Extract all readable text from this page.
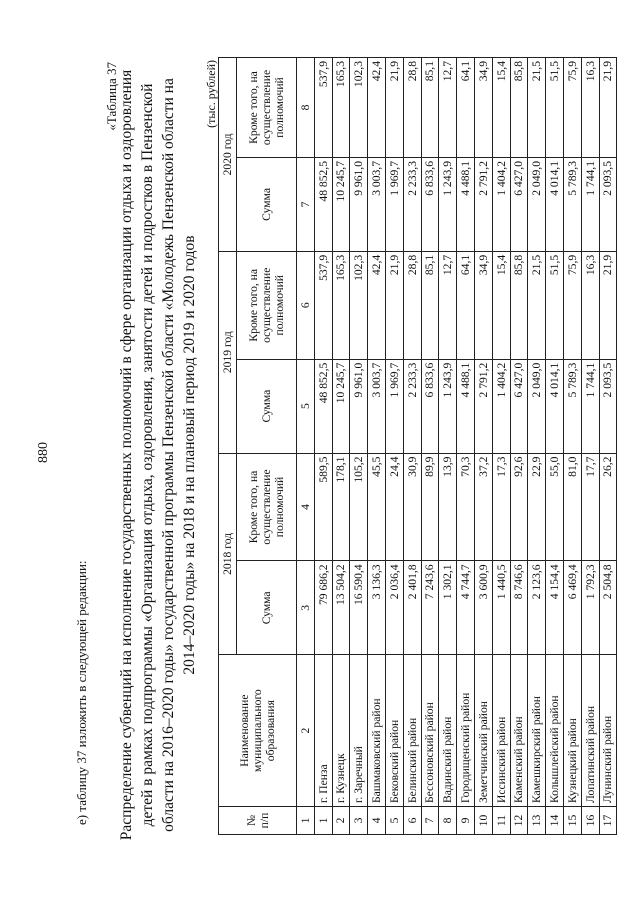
880
е) таблицу 37 изложить в следующей редакции:
«Таблица 37 Распределение субвенций на исполнение государственных полномочий в сфере организации отдыха и оздоровления детей в рамках подпрограммы «Организация отдыха, оздоровления, занятости детей и подростков в Пензенской области на 2016–2020 годы» государственной программы Пензенской области «Молодежь Пензенской области на 2014–2020 годы» на 2018 и на плановый период 2019 и 2020 годов
(тыс. рублей)
№ п/п	Наименование муниципального образования	2018 год		2019 год		2020 год	
		Сумма	Кроме того, на осуществление полномочий	Сумма	Кроме того, на осуществление полномочий	Сумма	Кроме того, на осуществление полномочий
1	2	3	4	5	6	7	8
1	г. Пенза	79 686,2	589,5	48 852,5	537,9	48 852,5	537,9
2	г. Кузнецк	13 504,2	178,1	10 245,7	165,3	10 245,7	165,3
3	г. Заречный	16 590,4	105,2	9 961,0	102,3	9 961,0	102,3
4	Башмаковский район	3 136,3	45,5	3 003,7	42,4	3 003,7	42,4
5	Бековский район	2 036,4	24,4	1 969,7	21,9	1 969,7	21,9
6	Белинский район	2 401,8	30,9	2 233,3	28,8	2 233,3	28,8
7	Бессоновский район	7 243,6	89,9	6 833,6	85,1	6 833,6	85,1
8	Вадинский район	1 302,1	13,9	1 243,9	12,7	1 243,9	12,7
9	Городищенский район	4 744,7	70,3	4 488,1	64,1	4 488,1	64,1
10	Земетчинский район	3 600,9	37,2	2 791,2	34,9	2 791,2	34,9
11	Иссинский район	1 440,5	17,3	1 404,2	15,4	1 404,2	15,4
12	Каменский район	8 746,6	92,6	6 427,0	85,8	6 427,0	85,8
13	Камешкирский район	2 123,6	22,9	2 049,0	21,5	2 049,0	21,5
14	Колышлейский район	4 154,4	55,0	4 014,1	51,5	4 014,1	51,5
15	Кузнецкий район	6 469,4	81,0	5 789,3	75,9	5 789,3	75,9
16	Лопатинский район	1 792,3	17,7	1 744,1	16,3	1 744,1	16,3
17	Лунинский район	2 504,8	26,2	2 093,5	21,9	2 093,5	21,9
